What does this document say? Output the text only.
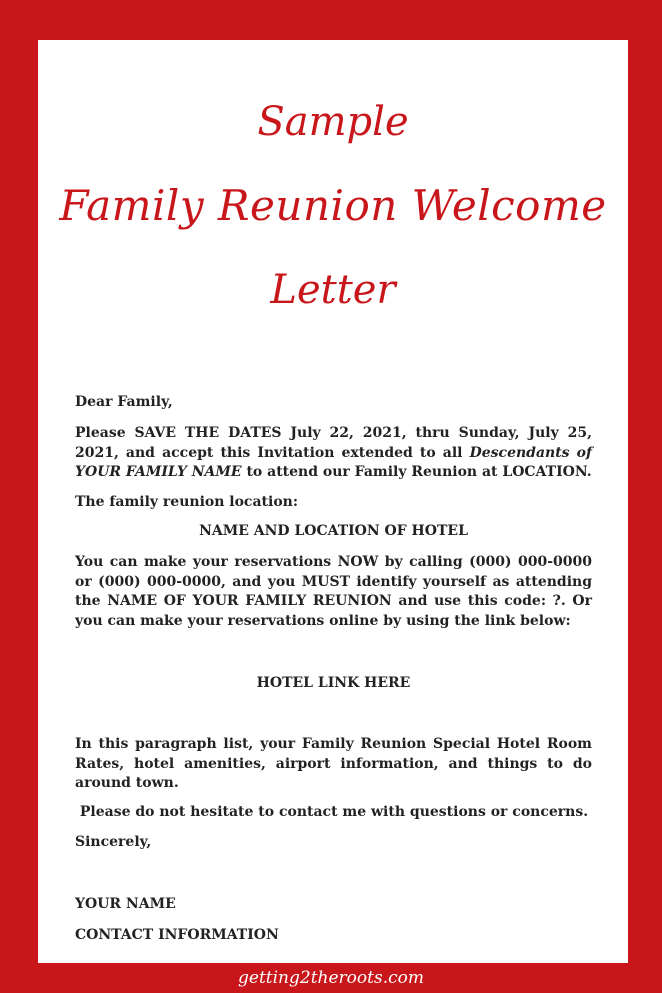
Sample
Family Reunion Welcome
Letter

Dear Family,

Please SAVE THE DATES July 22, 2021, thru Sunday, July 25, 2021, and accept this Invitation extended to all Descendants of YOUR FAMILY NAME to attend our Family Reunion at LOCATION.

The family reunion location:

NAME AND LOCATION OF HOTEL

You can make your reservations NOW by calling (000) 000-0000 or (000) 000-0000, and you MUST identify yourself as attending the NAME OF YOUR FAMILY REUNION and use this code: ?. Or you can make your reservations online by using the link below:

HOTEL LINK HERE

In this paragraph list, your Family Reunion Special Hotel Room Rates, hotel amenities, airport information, and things to do around town.

Please do not hesitate to contact me with questions or concerns.

Sincerely,

YOUR NAME

CONTACT INFORMATION

getting2theroots.com
